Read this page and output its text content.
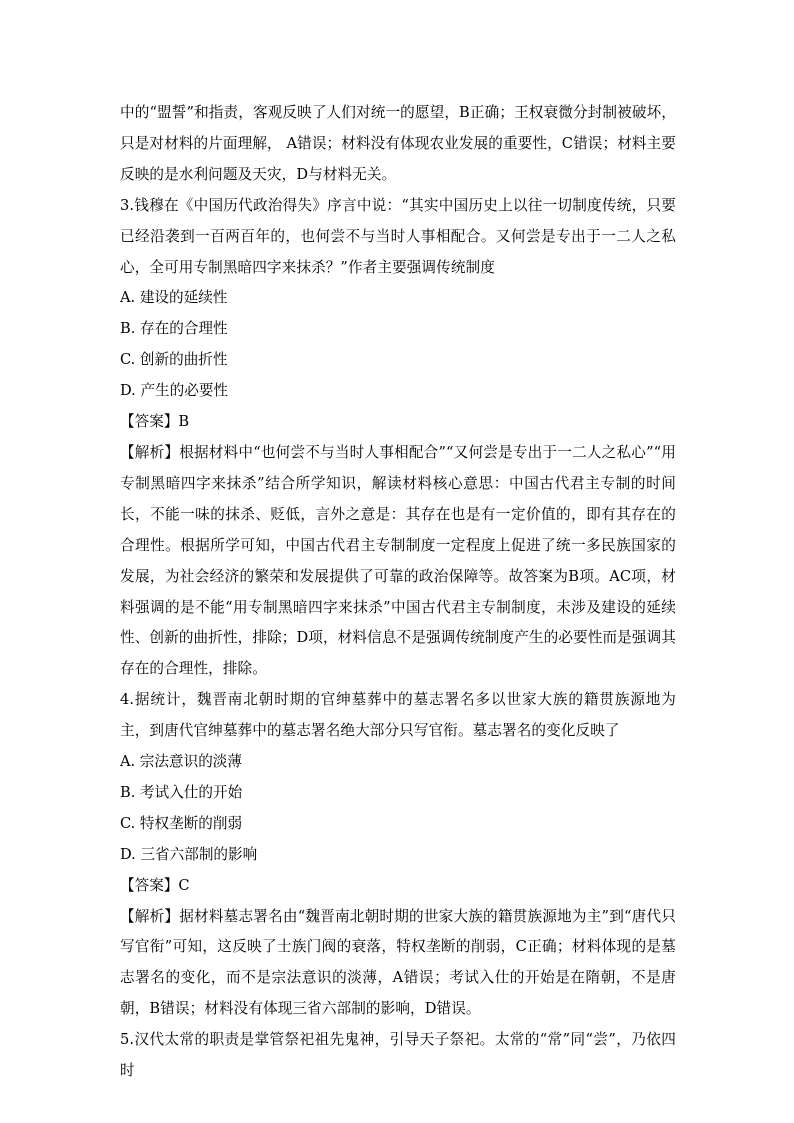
中的“盟誓”和指责，客观反映了人们对统一的愿望，B正确；王权衰微分封制被破坏，只是对材料的片面理解， A错误；材料没有体现农业发展的重要性，C错误；材料主要反映的是水利问题及天灾，D与材料无关。

3.钱穆在《中国历代政治得失》序言中说：“其实中国历史上以往一切制度传统，只要已经沿袭到一百两百年的，也何尝不与当时人事相配合。又何尝是专出于一二人之私心，全可用专制黑暗四字来抹杀？”作者主要强调传统制度

A. 建设的延续性

B. 存在的合理性

C. 创新的曲折性

D. 产生的必要性

【答案】B

【解析】根据材料中“也何尝不与当时人事相配合”“又何尝是专出于一二人之私心”“用专制黑暗四字来抹杀”结合所学知识，解读材料核心意思：中国古代君主专制的时间长，不能一味的抹杀、贬低，言外之意是：其存在也是有一定价值的，即有其存在的合理性。根据所学可知，中国古代君主专制制度一定程度上促进了统一多民族国家的发展，为社会经济的繁荣和发展提供了可靠的政治保障等。故答案为B项。AC项，材料强调的是不能“用专制黑暗四字来抹杀”中国古代君主专制制度，未涉及建设的延续性、创新的曲折性，排除；D项，材料信息不是强调传统制度产生的必要性而是强调其存在的合理性，排除。

4.据统计，魏晋南北朝时期的官绅墓葬中的墓志署名多以世家大族的籍贯族源地为主，到唐代官绅墓葬中的墓志署名绝大部分只写官衔。墓志署名的变化反映了

A. 宗法意识的淡薄

B. 考试入仕的开始

C. 特权垄断的削弱

D. 三省六部制的影响

【答案】C

【解析】据材料墓志署名由“魏晋南北朝时期的世家大族的籍贯族源地为主”到“唐代只写官衔”可知，这反映了士族门阀的衰落，特权垄断的削弱，C正确；材料体现的是墓志署名的变化，而不是宗法意识的淡薄，A错误；考试入仕的开始是在隋朝，不是唐朝，B错误；材料没有体现三省六部制的影响，D错误。

5.汉代太常的职责是掌管祭祀祖先鬼神，引导天子祭祀。太常的“常”同“尝”，乃依四时
